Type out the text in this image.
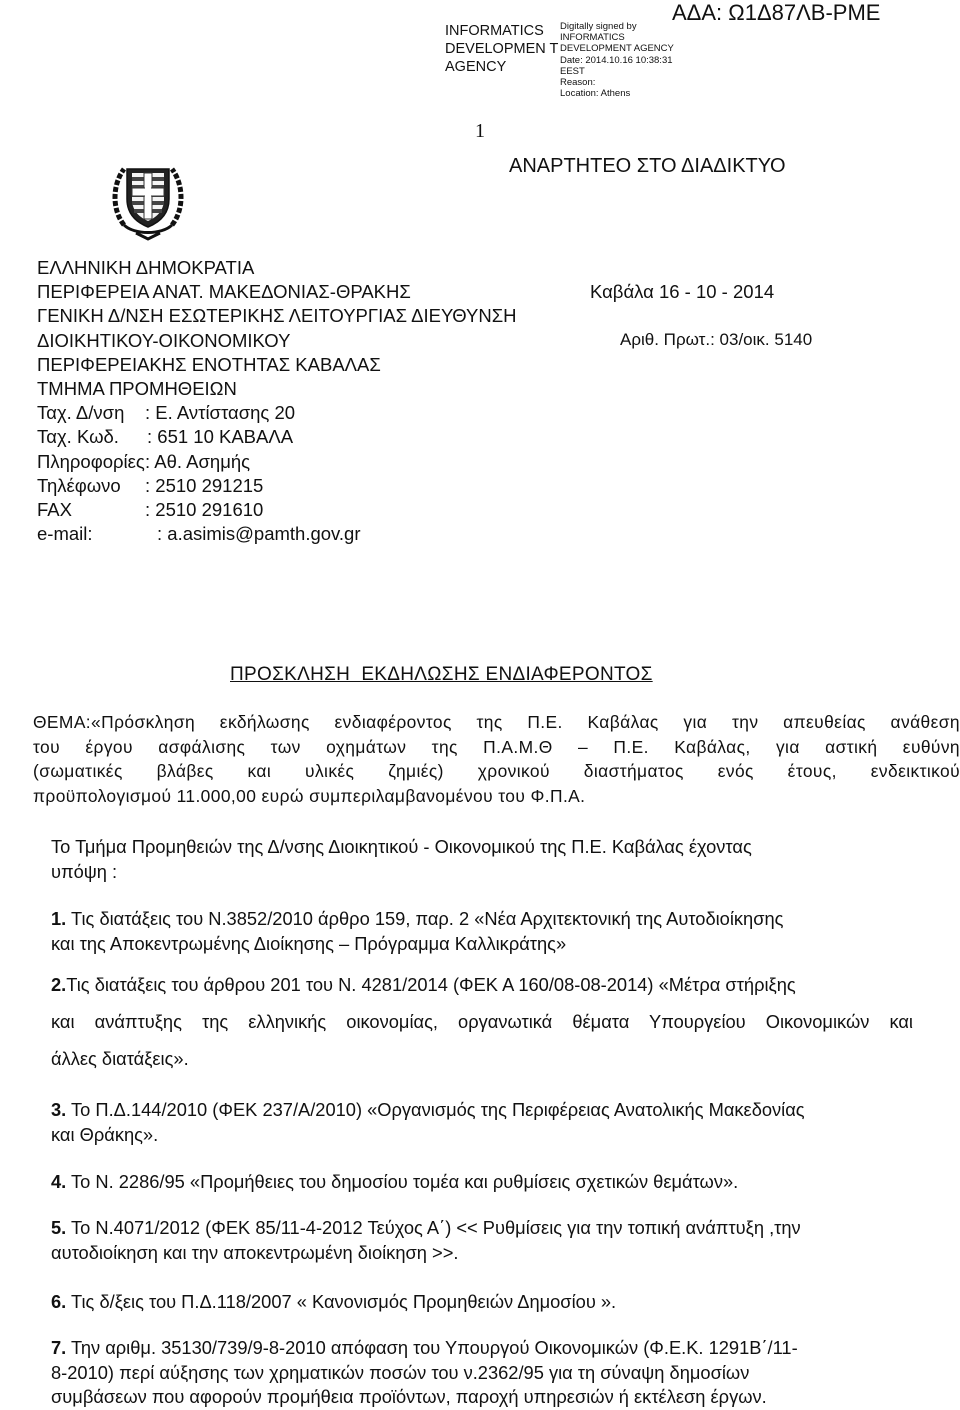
INFORMATICS DEVELOPMEN T AGENCY
Digitally signed by
INFORMATICS
DEVELOPMENT AGENCY
Date: 2014.10.16 10:38:31
EEST
Reason:
Location: Athens
ΑΔΑ: Ω1Δ87ΛΒ-ΡΜΕ
1
ΑΝΑΡΤΗΤΕΟ ΣΤΟ ΔΙΑΔΙΚΤΥΟ
ΕΛΛΗΝΙΚΗ ΔΗΜΟΚΡΑΤΙΑ
ΠΕΡΙΦΕΡΕΙΑ ΑΝΑΤ. ΜΑΚΕΔΟΝΙΑΣ-ΘΡΑΚΗΣ
ΓΕΝΙΚΗ Δ/ΝΣΗ ΕΣΩΤΕΡΙΚΗΣ ΛΕΙΤΟΥΡΓΙΑΣ ΔΙΕΥΘΥΝΣΗ
ΔΙΟΙΚΗΤΙΚΟΥ-ΟΙΚΟΝΟΜΙΚΟΥ
ΠΕΡΙΦΕΡΕΙΑΚΗΣ ΕΝΟΤΗΤΑΣ ΚΑΒΑΛΑΣ
ΤΜΗΜΑ ΠΡΟΜΗΘΕΙΩΝ
Ταχ. Δ/νση : Ε. Αντίστασης 20
Ταχ. Κωδ. : 651 10 ΚΑΒΑΛΑ
Πληροφορίες: Αθ. Ασημής
Τηλέφωνο : 2510 291215
FAX	: 2510 291610
e-mail:	: a.asimis@pamth.gov.gr
Καβάλα 16 - 10 - 2014
Αριθ. Πρωτ.: 03/οικ. 5140
ΠΡΟΣΚΛΗΣΗ  ΕΚΔΗΛΩΣΗΣ ΕΝΔΙΑΦΕΡΟΝΤΟΣ
ΘΕΜΑ:«Πρόσκληση εκδήλωσης ενδιαφέροντος της Π.Ε. Καβάλας για την απευθείας ανάθεση
του έργου ασφάλισης των οχημάτων της Π.Α.Μ.Θ – Π.Ε. Καβάλας, για αστική ευθύνη
(σωματικές βλάβες και υλικές ζημιές) χρονικού διαστήματος ενός έτους, ενδεικτικού
προϋπολογισμού 11.000,00 ευρώ συμπεριλαμβανομένου του Φ.Π.Α.
Το Τμήμα Προμηθειών της Δ/νσης Διοικητικού - Οικονομικού της Π.Ε. Καβάλας έχοντας
υπόψη :
1. Τις διατάξεις του Ν.3852/2010 άρθρο 159, παρ. 2 «Νέα Αρχιτεκτονική της Αυτοδιοίκησης
και της Αποκεντρωμένης Διοίκησης – Πρόγραμμα Καλλικράτης»
2.Τις διατάξεις του άρθρου 201 του Ν. 4281/2014 (ΦΕΚ Α 160/08-08-2014) «Μέτρα στήριξης
και ανάπτυξης της ελληνικής οικονομίας, οργανωτικά θέματα Υπουργείου Οικονομικών και
άλλες διατάξεις».
3. Το Π.Δ.144/2010 (ΦΕΚ 237/Α/2010) «Οργανισμός της Περιφέρειας Ανατολικής Μακεδονίας
και Θράκης».
4. Το Ν. 2286/95 «Προμήθειες του δημοσίου τομέα και ρυθμίσεις σχετικών θεμάτων».
5. Το Ν.4071/2012 (ΦΕΚ 85/11-4-2012 Τεύχος Α΄) << Ρυθμίσεις για την τοπική ανάπτυξη ,την
αυτοδιοίκηση και την αποκεντρωμένη διοίκηση >>.
6. Τις δ/ξεις του Π.Δ.118/2007 « Κανονισμός Προμηθειών Δημοσίου ».
7. Την αριθμ. 35130/739/9-8-2010 απόφαση του Υπουργού Οικονομικών (Φ.Ε.Κ. 1291Β΄/11-
8-2010) περί αύξησης των χρηματικών ποσών του ν.2362/95 για τη σύναψη δημοσίων
συμβάσεων που αφορούν προμήθεια προϊόντων, παροχή υπηρεσιών ή εκτέλεση έργων.
